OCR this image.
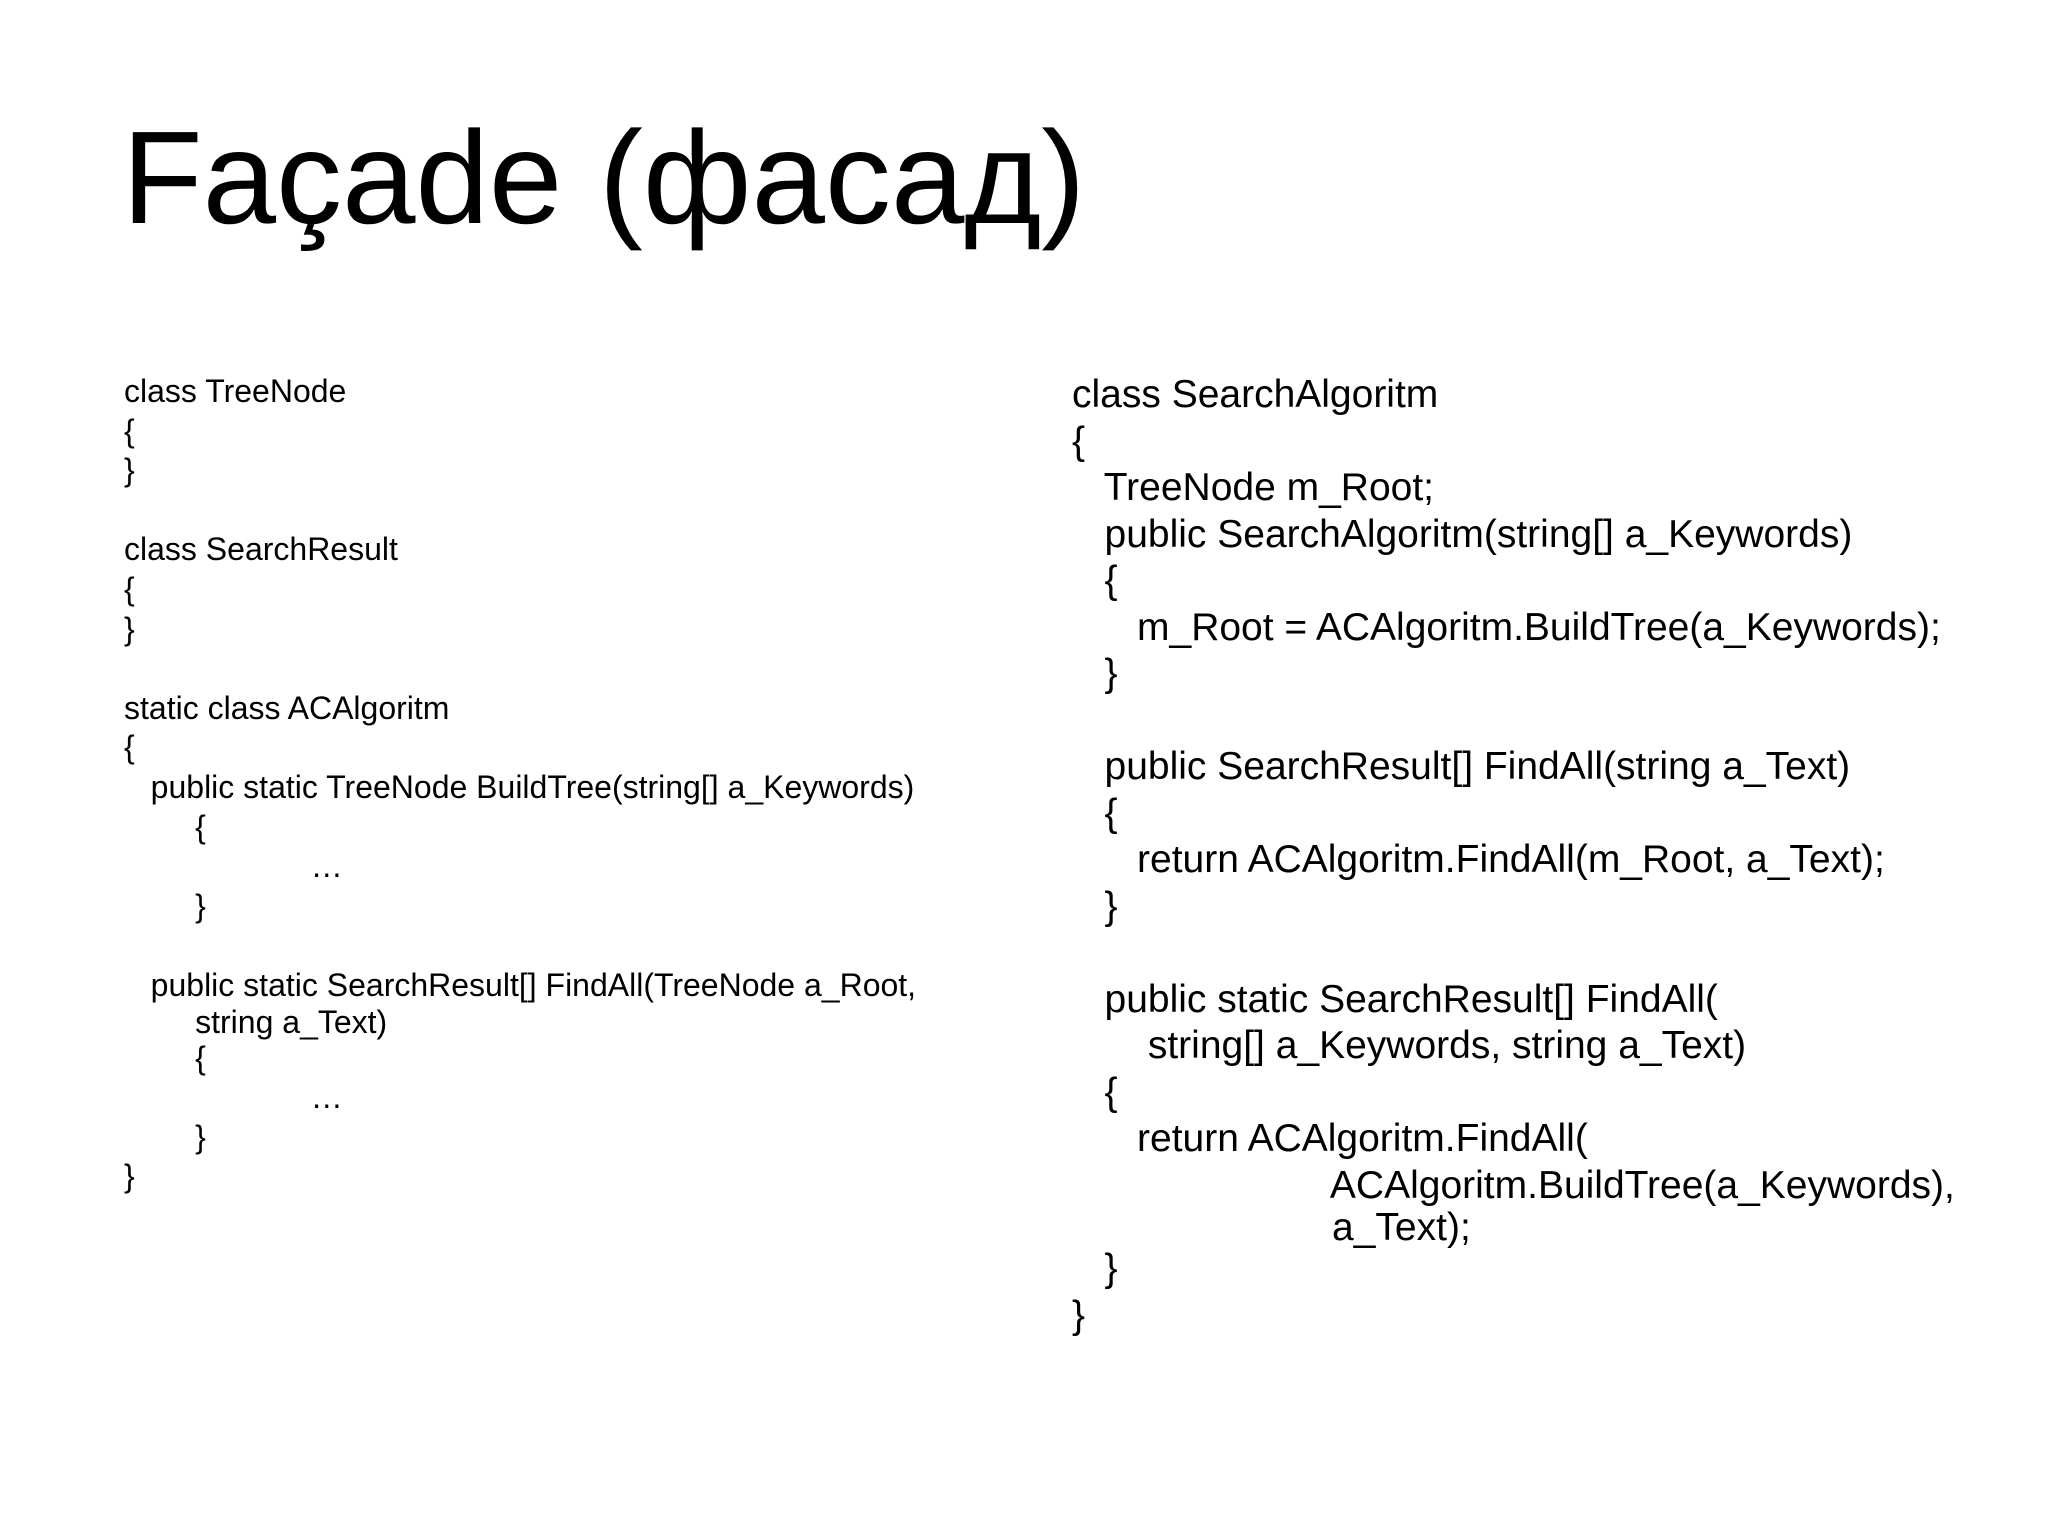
Façade (фасад)
class TreeNode
{
}

class SearchResult
{
}

static class ACAlgoritm
{
public static TreeNode BuildTree(string[] a_Keywords)
{
…
}

public static SearchResult[] FindAll(TreeNode a_Root,
string a_Text)
{
…
}
}
class SearchAlgoritm
{
TreeNode m_Root;
public SearchAlgoritm(string[] a_Keywords)
{
m_Root = ACAlgoritm.BuildTree(a_Keywords);
}

public SearchResult[] FindAll(string a_Text)
{
return ACAlgoritm.FindAll(m_Root, a_Text);
}

public static SearchResult[] FindAll(
string[] a_Keywords, string a_Text)
{
return ACAlgoritm.FindAll(
ACAlgoritm.BuildTree(a_Keywords),
a_Text);
}
}
